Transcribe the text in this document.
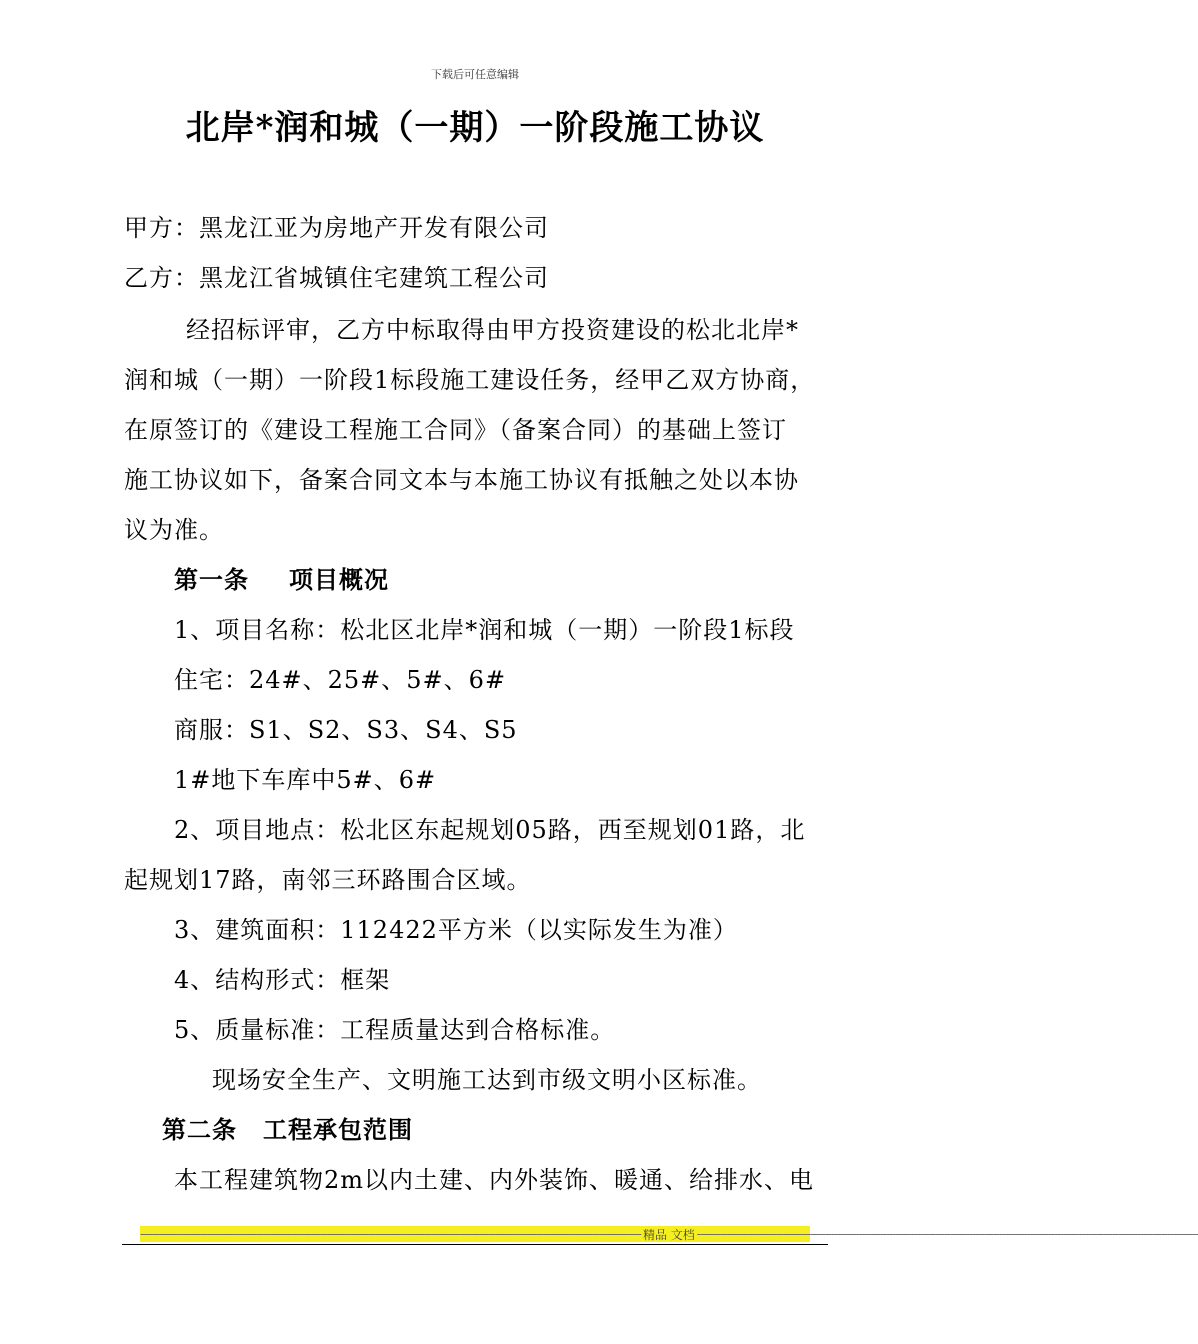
下载后可任意编辑
北岸*润和城（一期）一阶段施工协议
甲方：黑龙江亚为房地产开发有限公司
乙方：黑龙江省城镇住宅建筑工程公司
经招标评审，乙方中标取得由甲方投资建设的松北北岸*
润和城（一期）一阶段1标段施工建设任务，经甲乙双方协商，
在原签订的《建设工程施工合同》（备案合同）的基础上签订
施工协议如下，备案合同文本与本施工协议有抵触之处以本协
议为准。
第一条 项目概况
1、项目名称：松北区北岸*润和城（一期）一阶段1标段
住宅：24#、25#、5#、6#
商服：S1、S2、S3、S4、S5
1#地下车库中5#、6#
2、项目地点：松北区东起规划05路，西至规划01路，北
起规划17路，南邻三环路围合区域。
3、建筑面积：112422平方米（以实际发生为准）
4、结构形式：框架
5、质量标准：工程质量达到合格标准。
现场安全生产、文明施工达到市级文明小区标准。
第二条 工程承包范围
本工程建筑物2m以内土建、内外装饰、暖通、给排水、电
-------------------------------------------------------------------------------------------------------------------------------------------------------------------- 精品 文档 --------------------------------------------------------------------------------------------------------------------------------------------------------------------
